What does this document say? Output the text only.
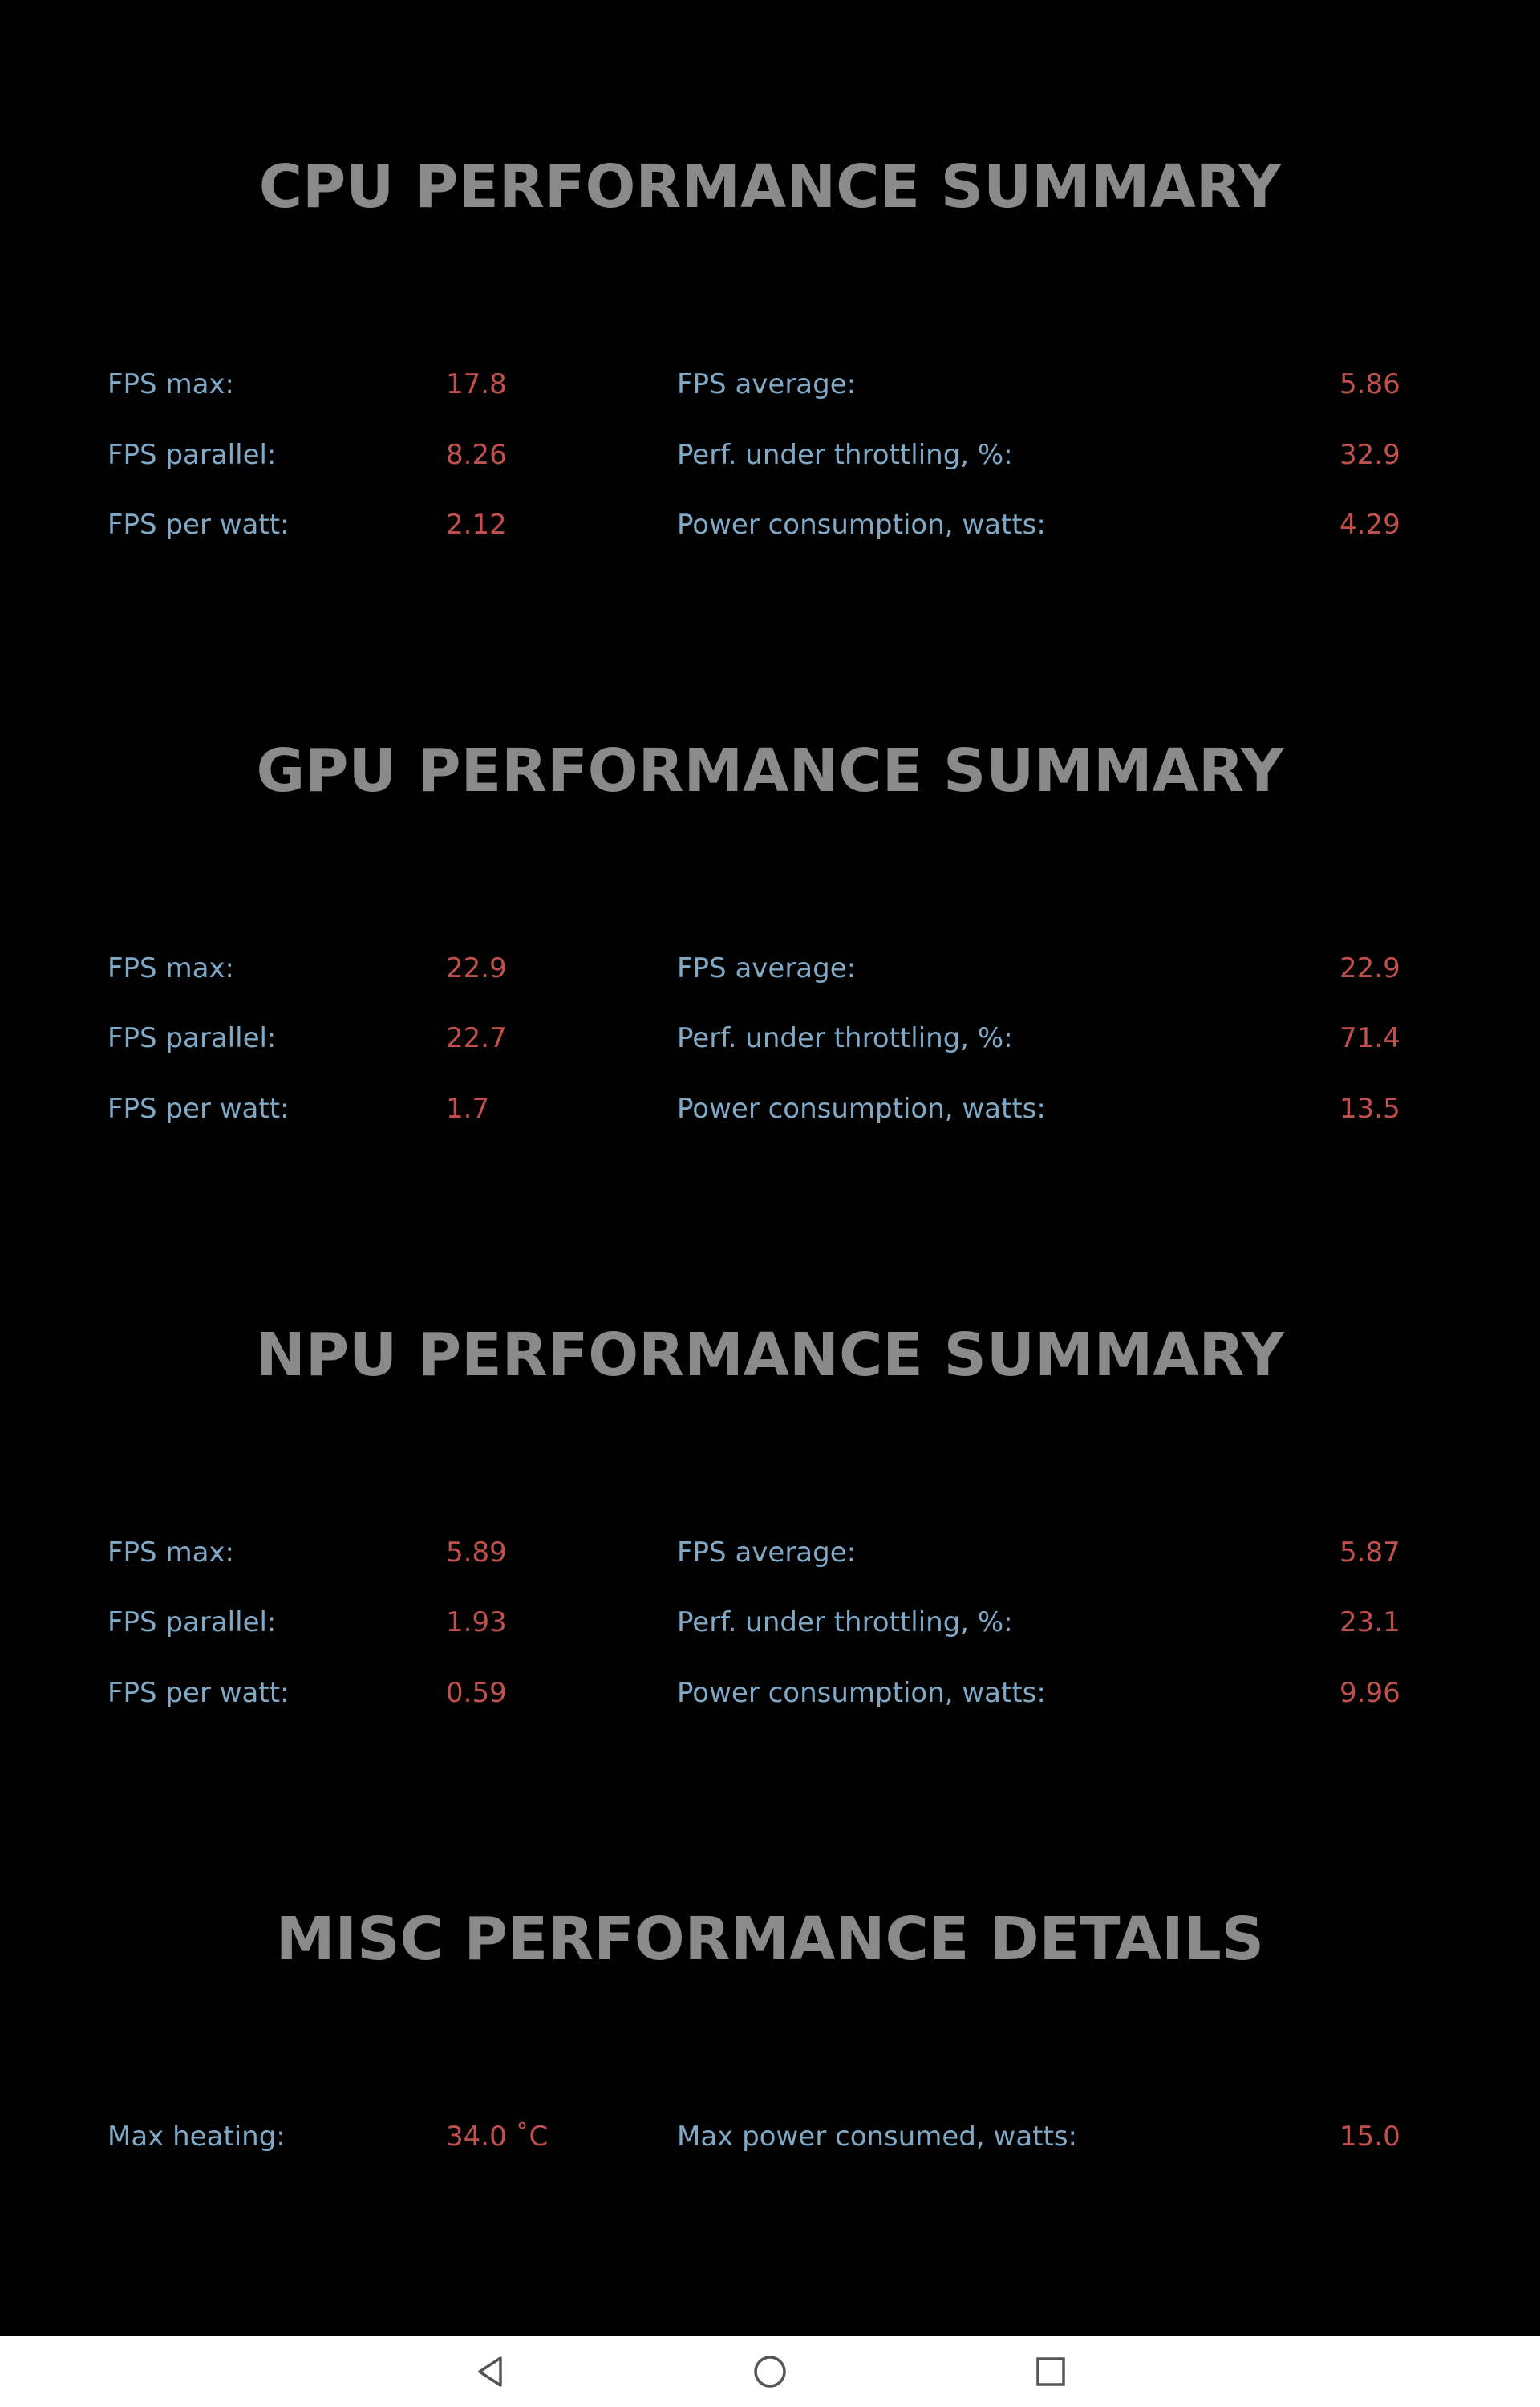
CPU PERFORMANCE SUMMARY
FPS max:	17.8	FPS average:	5.86
FPS parallel:	8.26	Perf. under throttling, %:	32.9
FPS per watt:	2.12	Power consumption, watts:	4.29
GPU PERFORMANCE SUMMARY
FPS max:	22.9	FPS average:	22.9
FPS parallel:	22.7	Perf. under throttling, %:	71.4
FPS per watt:	1.7	Power consumption, watts:	13.5
NPU PERFORMANCE SUMMARY
FPS max:	5.89	FPS average:	5.87
FPS parallel:	1.93	Perf. under throttling, %:	23.1
FPS per watt:	0.59	Power consumption, watts:	9.96
MISC PERFORMANCE DETAILS
Max heating:	34.0 ˚C	Max power consumed, watts:	15.0
